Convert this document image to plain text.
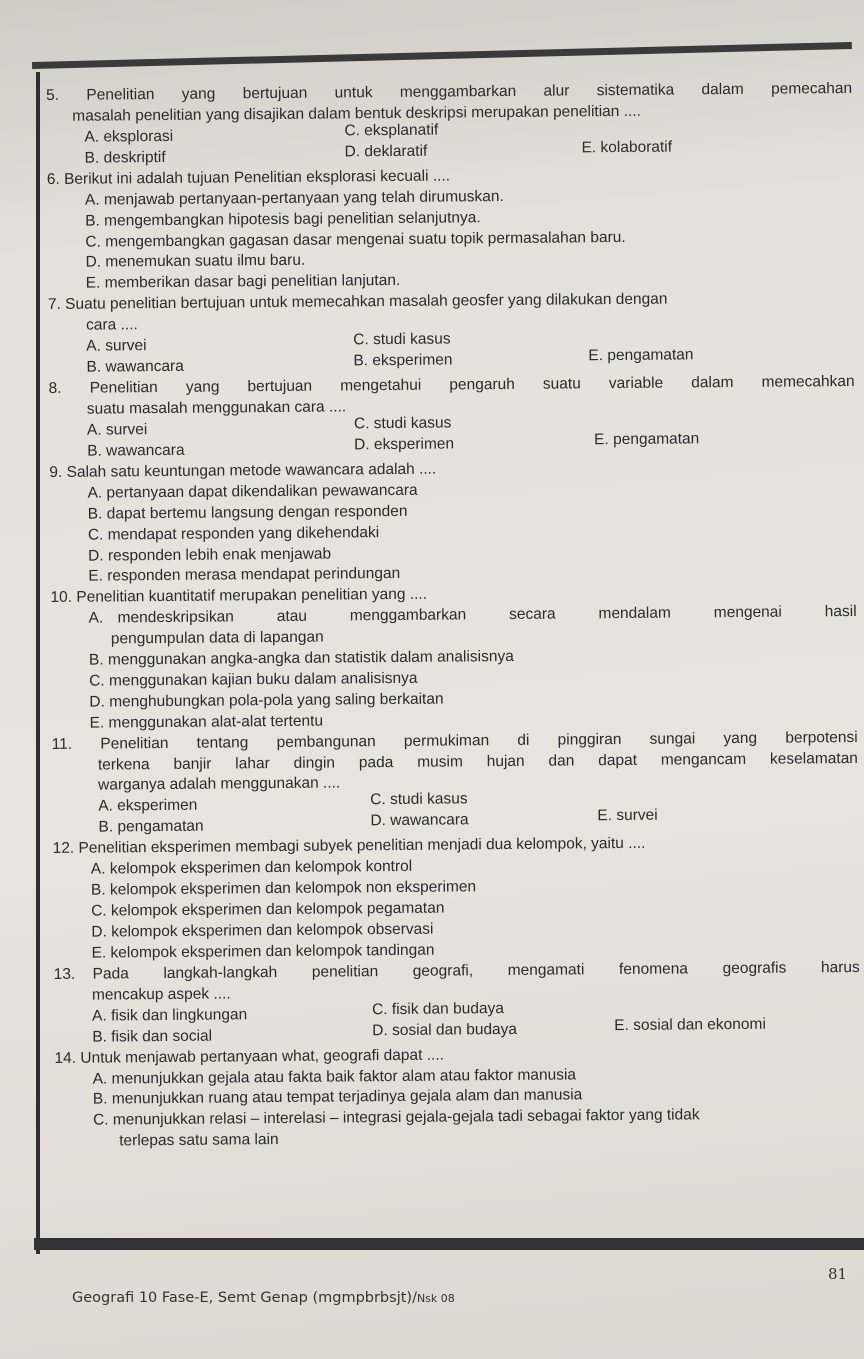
5. Penelitian yang bertujuan untuk menggambarkan alur sistematika dalam pemecahan
masalah penelitian yang disajikan dalam bentuk deskripsi merupakan penelitian ....
A. eksplorasi
B. deskriptif
C. eksplanatif
D. deklaratif	E. kolaboratif
6. Berikut ini adalah tujuan Penelitian eksplorasi kecuali ....
A. menjawab pertanyaan-pertanyaan yang telah dirumuskan.
B. mengembangkan hipotesis bagi penelitian selanjutnya.
C. mengembangkan gagasan dasar mengenai suatu topik permasalahan baru.
D. menemukan suatu ilmu baru.
E. memberikan dasar bagi penelitian lanjutan.
7. Suatu penelitian bertujuan untuk memecahkan masalah geosfer yang dilakukan dengan
cara ....
A. survei
B. wawancara
C. studi kasus
B. eksperimen	E. pengamatan
8. Penelitian yang bertujuan mengetahui pengaruh suatu variable dalam memecahkan
suatu masalah menggunakan cara ....
A. survei
B. wawancara
C. studi kasus
D. eksperimen	E. pengamatan
9. Salah satu keuntungan metode wawancara adalah ....
A. pertanyaan dapat dikendalikan pewawancara
B. dapat bertemu langsung dengan responden
C. mendapat responden yang dikehendaki
D. responden lebih enak menjawab
E. responden merasa mendapat perindungan
10. Penelitian kuantitatif merupakan penelitian yang ....
A. mendeskripsikan   atau   menggambarkan   secara   mendalam   mengenai   hasil
pengumpulan data di lapangan
B. menggunakan angka-angka dan statistik dalam analisisnya
C. menggunakan kajian buku dalam analisisnya
D. menghubungkan pola-pola yang saling berkaitan
E. menggunakan alat-alat tertentu
11. Penelitian tentang pembangunan permukiman di pinggiran sungai yang berpotensi
terkena banjir lahar dingin pada musim hujan dan dapat mengancam keselamatan
warganya adalah menggunakan ....
A. eksperimen
B. pengamatan
C. studi kasus
D. wawancara	E. survei
12. Penelitian eksperimen membagi subyek penelitian menjadi dua kelompok, yaitu ....
A. kelompok eksperimen dan kelompok kontrol
B. kelompok eksperimen dan kelompok non eksperimen
C. kelompok eksperimen dan kelompok pegamatan
D. kelompok eksperimen dan kelompok observasi
E. kelompok eksperimen dan kelompok tandingan
13. Pada  langkah-langkah  penelitian  geografi,  mengamati  fenomena  geografis  harus
mencakup aspek ....
A. fisik dan lingkungan
B. fisik dan social
C. fisik dan budaya
D. sosial dan budaya	E. sosial dan ekonomi
14. Untuk menjawab pertanyaan what, geografi dapat ....
A. menunjukkan gejala atau fakta baik faktor alam atau faktor manusia
B. menunjukkan ruang atau tempat terjadinya gejala alam dan manusia
C. menunjukkan relasi – interelasi – integrasi gejala-gejala tadi sebagai faktor yang tidak
terlepas satu sama lain
81
Geografi 10 Fase-E, Semt Genap (mgmpbrbsjt)/Nsk 08
